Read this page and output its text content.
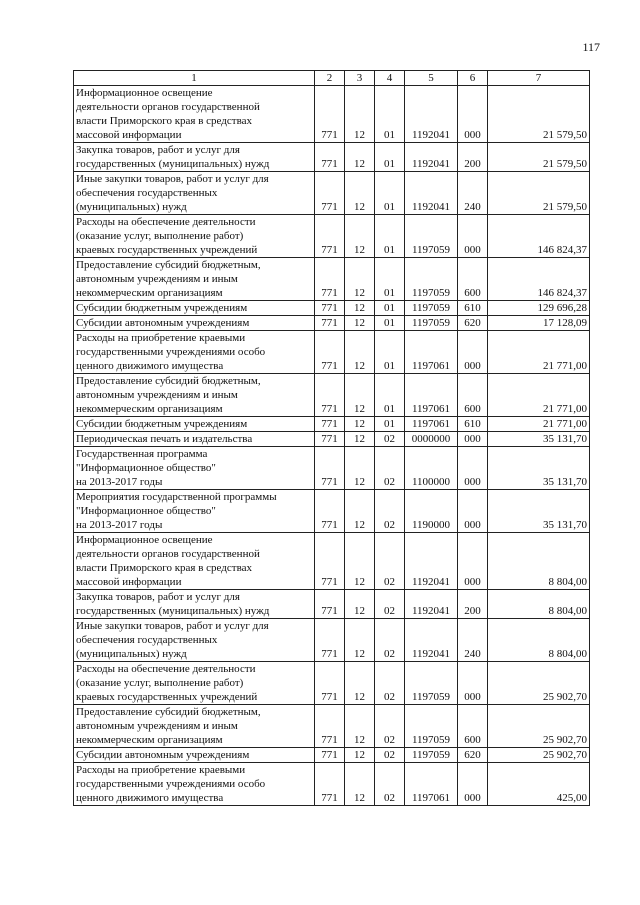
117
1	2	3	4	5	6	7
Информационное освещение
деятельности органов государственной
власти Приморского края в средствах
массовой информации	771	12	01	1192041	000	21 579,50
Закупка товаров, работ и услуг для
государственных (муниципальных) нужд	771	12	01	1192041	200	21 579,50
Иные закупки товаров, работ и услуг для
обеспечения государственных
(муниципальных) нужд	771	12	01	1192041	240	21 579,50
Расходы на обеспечение деятельности
(оказание услуг, выполнение работ)
краевых государственных учреждений	771	12	01	1197059	000	146 824,37
Предоставление субсидий бюджетным,
автономным учреждениям и иным
некоммерческим организациям	771	12	01	1197059	600	146 824,37
Субсидии бюджетным учреждениям	771	12	01	1197059	610	129 696,28
Субсидии автономным учреждениям	771	12	01	1197059	620	17 128,09
Расходы на приобретение краевыми
государственными учреждениями особо
ценного движимого имущества	771	12	01	1197061	000	21 771,00
Предоставление субсидий бюджетным,
автономным учреждениям и иным
некоммерческим организациям	771	12	01	1197061	600	21 771,00
Субсидии бюджетным учреждениям	771	12	01	1197061	610	21 771,00
Периодическая печать и издательства	771	12	02	0000000	000	35 131,70
Государственная программа
"Информационное общество"
на 2013-2017 годы	771	12	02	1100000	000	35 131,70
Мероприятия государственной программы
"Информационное общество"
на 2013-2017 годы	771	12	02	1190000	000	35 131,70
Информационное освещение
деятельности органов государственной
власти Приморского края в средствах
массовой информации	771	12	02	1192041	000	8 804,00
Закупка товаров, работ и услуг для
государственных (муниципальных) нужд	771	12	02	1192041	200	8 804,00
Иные закупки товаров, работ и услуг для
обеспечения государственных
(муниципальных) нужд	771	12	02	1192041	240	8 804,00
Расходы на обеспечение деятельности
(оказание услуг, выполнение работ)
краевых государственных учреждений	771	12	02	1197059	000	25 902,70
Предоставление субсидий бюджетным,
автономным учреждениям и иным
некоммерческим организациям	771	12	02	1197059	600	25 902,70
Субсидии автономным учреждениям	771	12	02	1197059	620	25 902,70
Расходы на приобретение краевыми
государственными учреждениями особо
ценного движимого имущества	771	12	02	1197061	000	425,00
